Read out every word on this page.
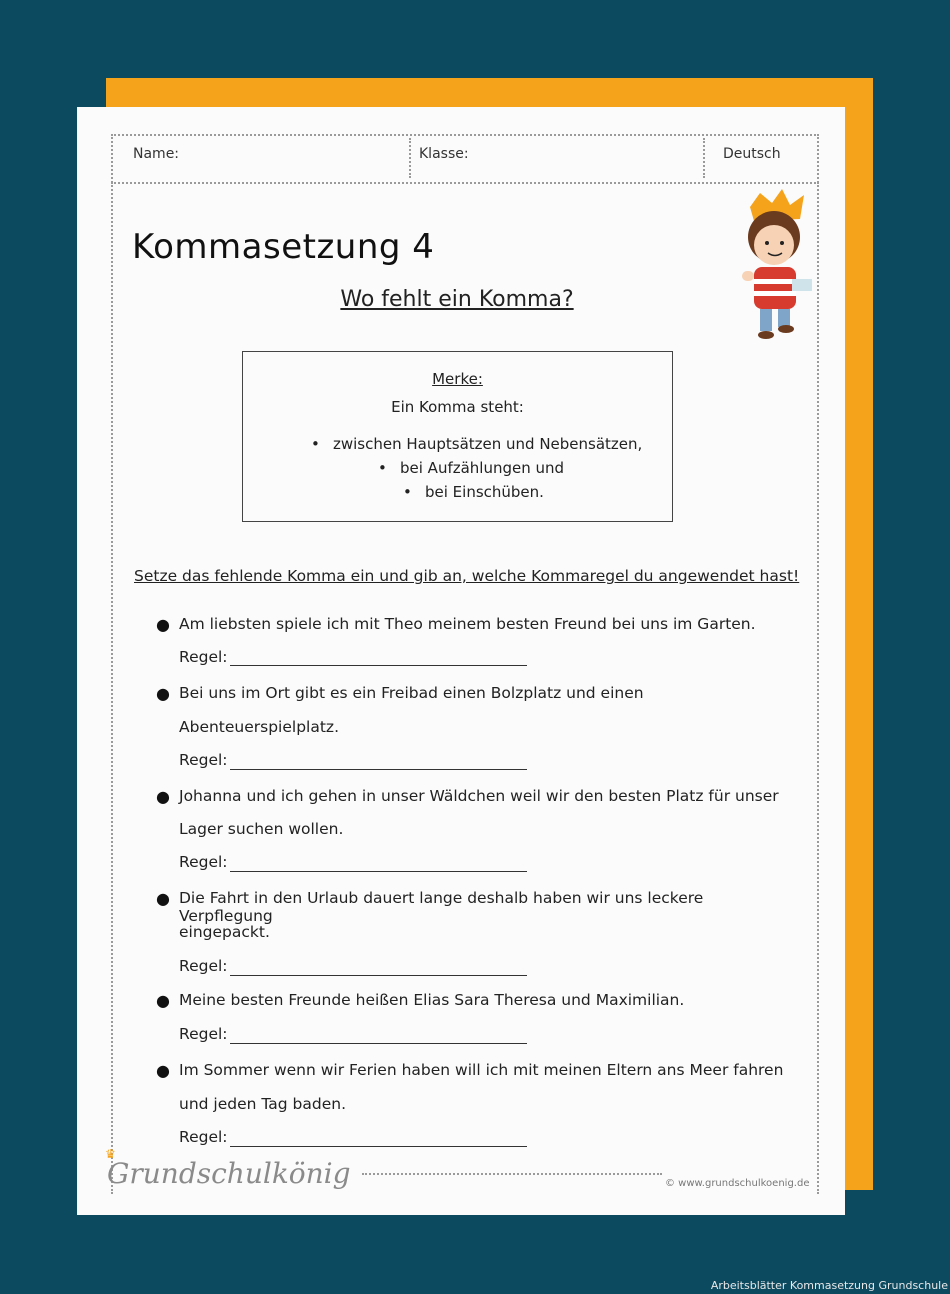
Name:	Klasse:	Deutsch
Kommasetzung 4
Wo fehlt ein Komma?
Merke:
Ein Komma steht:
• zwischen Hauptsätzen und Nebensätzen,
• bei Aufzählungen und
• bei Einschüben.
Setze das fehlende Komma ein und gib an, welche Kommaregel du angewendet hast!
● Am liebsten spiele ich mit Theo meinem besten Freund bei uns im Garten.
Regel:
● Bei uns im Ort gibt es ein Freibad einen Bolzplatz und einen
Abenteuerspielplatz.
Regel:
● Johanna und ich gehen in unser Wäldchen weil wir den besten Platz für unser
Lager suchen wollen.
Regel:
● Die Fahrt in den Urlaub dauert lange deshalb haben wir uns leckere Verpflegung
eingepackt.
Regel:
● Meine besten Freunde heißen Elias Sara Theresa und Maximilian.
Regel:
● Im Sommer wenn wir Ferien haben will ich mit meinen Eltern ans Meer fahren
und jeden Tag baden.
Regel:
♛
Grundschulkönig	© www.grundschulkoenig.de
Arbeitsblätter Kommasetzung Grundschule
